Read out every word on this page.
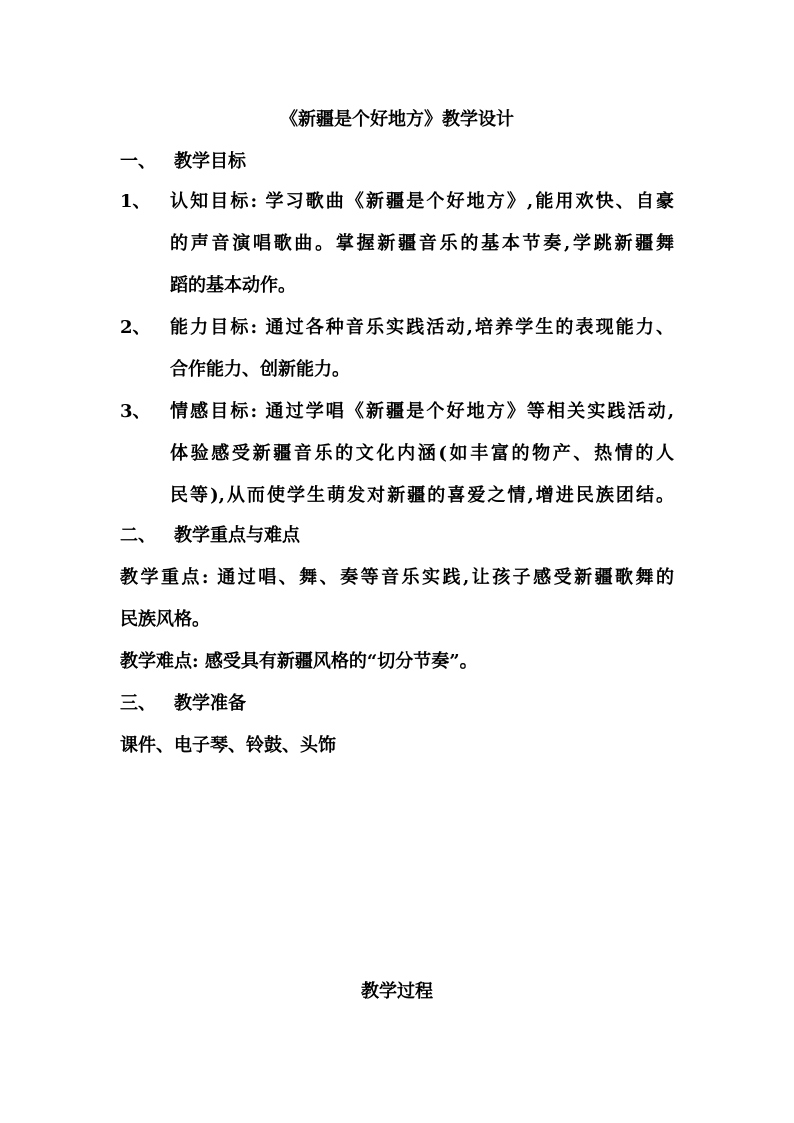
《新疆是个好地方》教学设计
一、 教学目标
1、 认知目标: 学习歌曲《新疆是个好地方》,能用欢快、自豪
的声音演唱歌曲。掌握新疆音乐的基本节奏,学跳新疆舞
蹈的基本动作。
2、 能力目标: 通过各种音乐实践活动,培养学生的表现能力、
合作能力、创新能力。
3、 情感目标: 通过学唱《新疆是个好地方》等相关实践活动,
体验感受新疆音乐的文化内涵(如丰富的物产、热情的人
民等),从而使学生萌发对新疆的喜爱之情,增进民族团结。
二、 教学重点与难点
教学重点: 通过唱、舞、奏等音乐实践,让孩子感受新疆歌舞的
民族风格。
教学难点: 感受具有新疆风格的“切分节奏”。
三、 教学准备
课件、电子琴、铃鼓、头饰
教学过程
